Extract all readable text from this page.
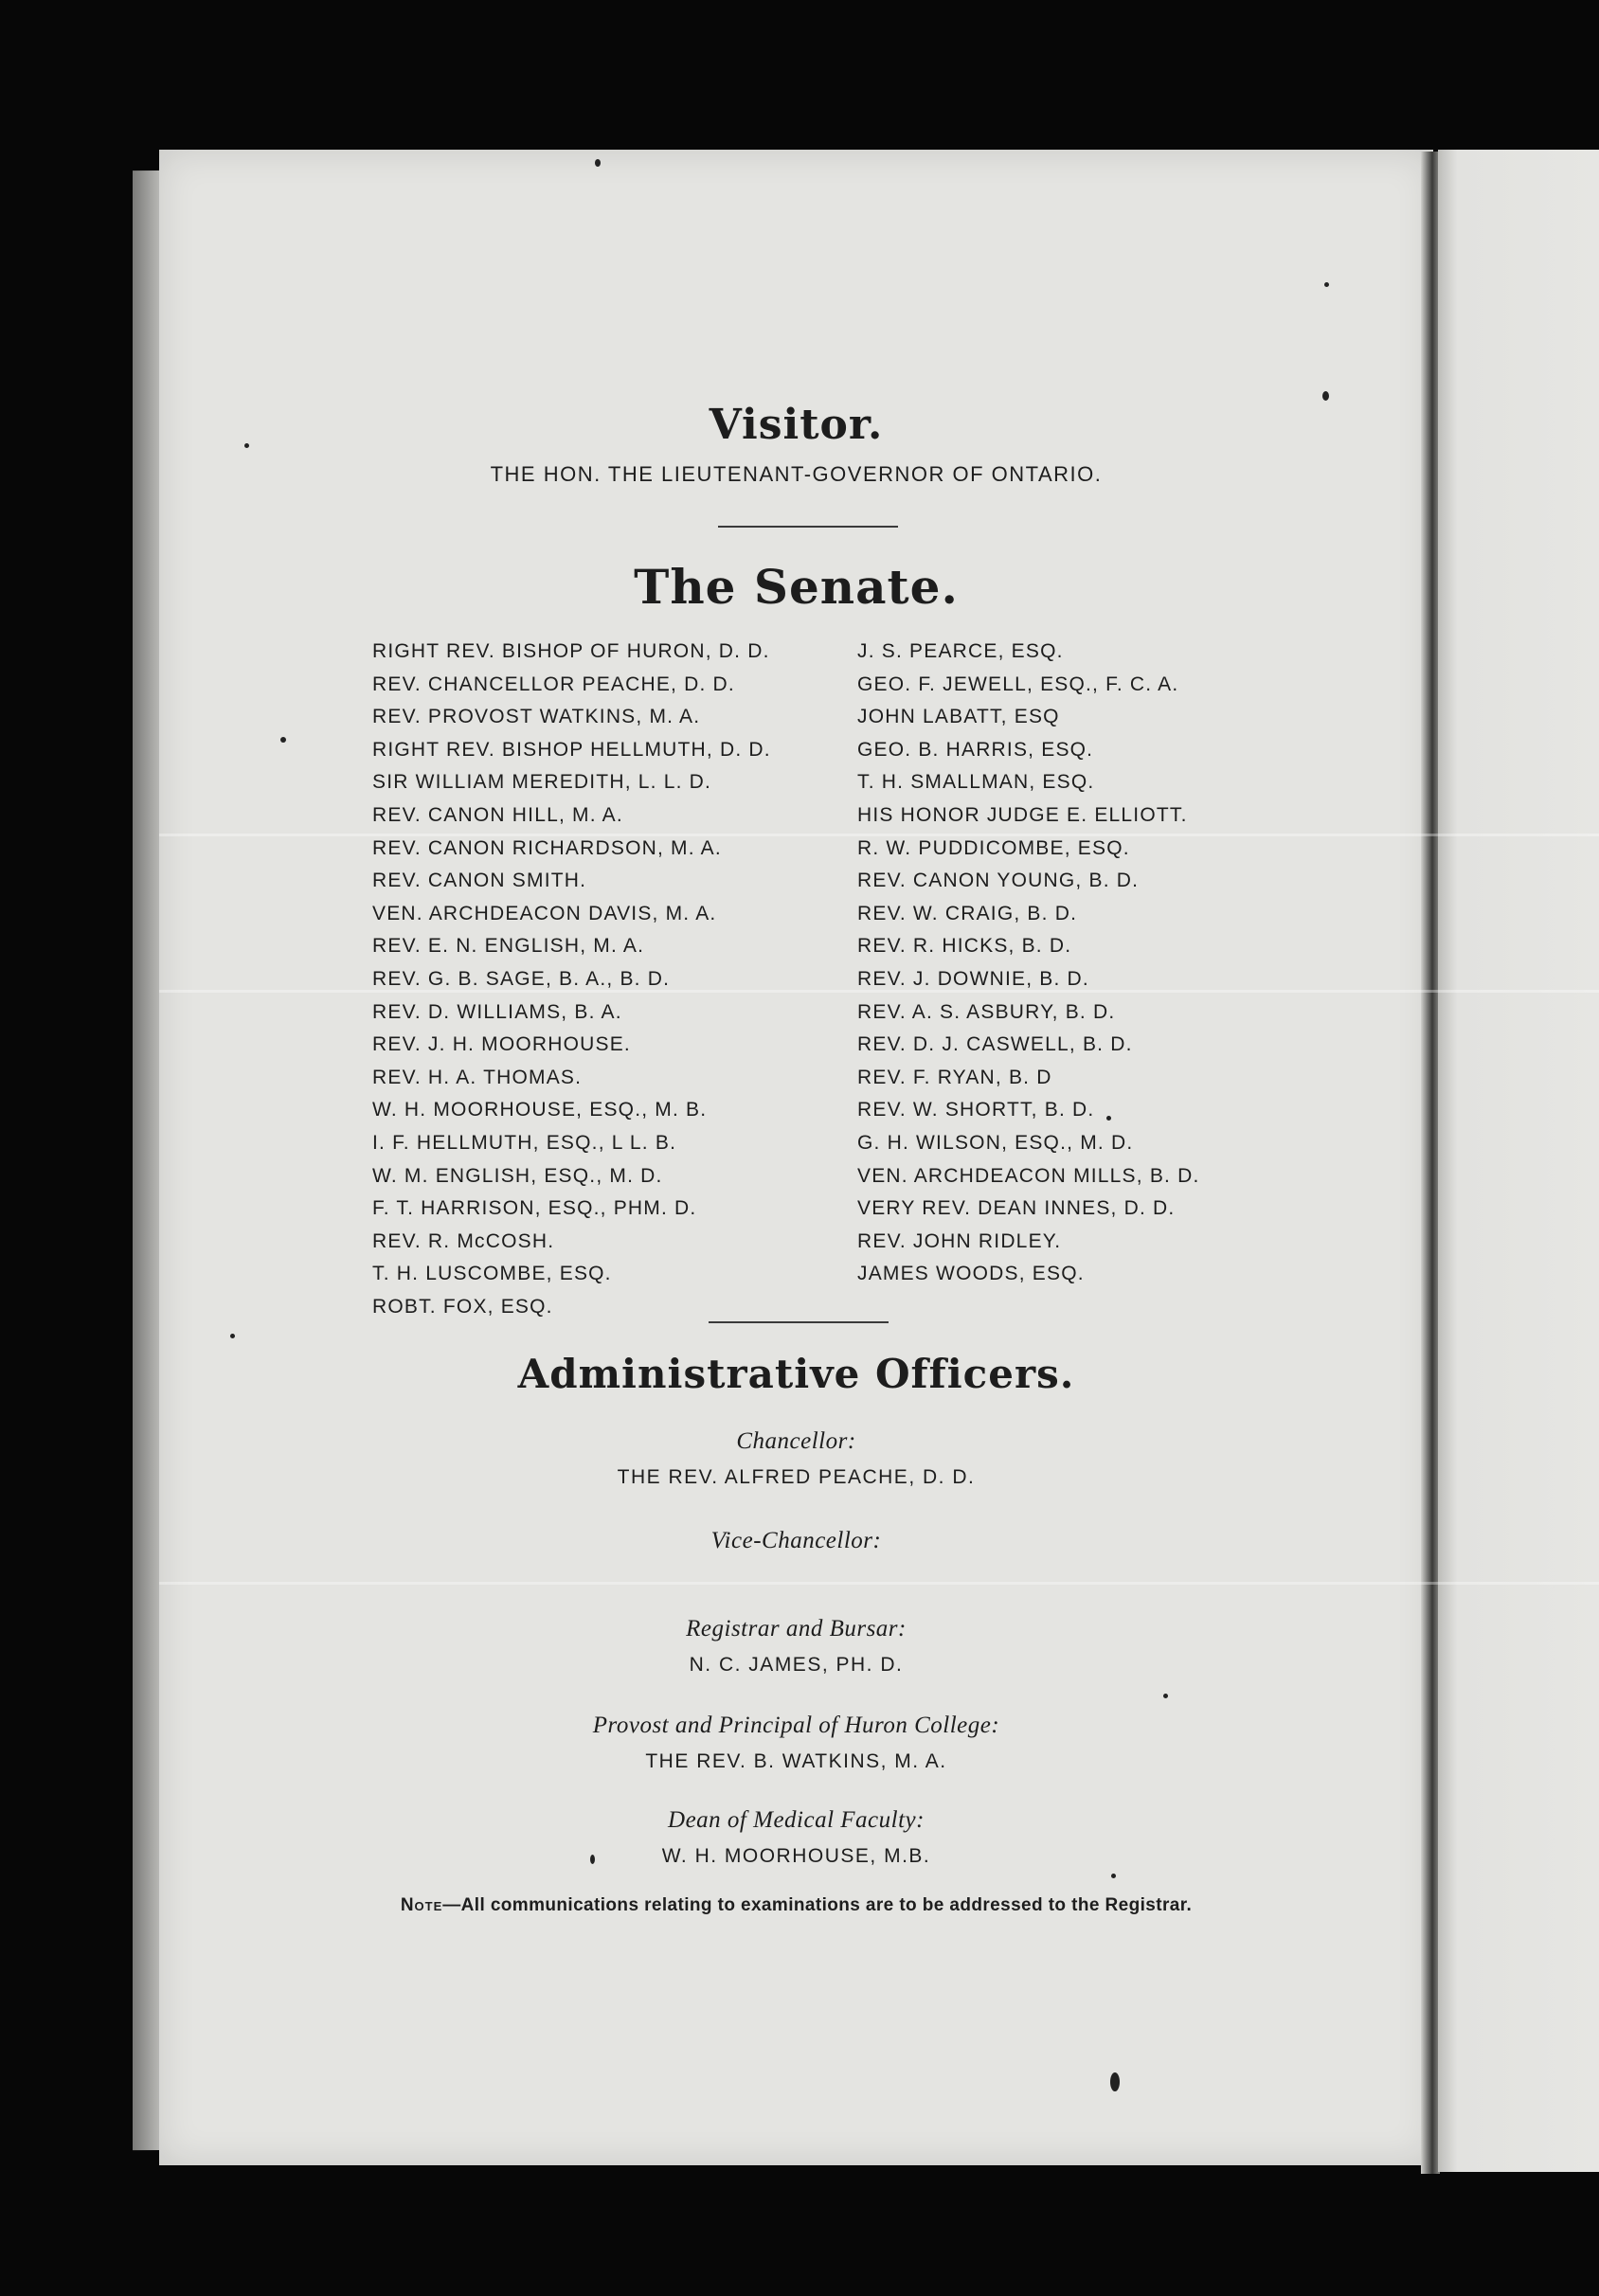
Visitor.
THE HON. THE LIEUTENANT-GOVERNOR OF ONTARIO.
The Senate.
RIGHT REV. BISHOP OF HURON, D. D.
REV. CHANCELLOR PEACHE, D. D.
REV. PROVOST WATKINS, M. A.
RIGHT REV. BISHOP HELLMUTH, D. D.
SIR WILLIAM MEREDITH, L. L. D.
REV. CANON HILL, M. A.
REV. CANON RICHARDSON, M. A.
REV. CANON SMITH.
VEN. ARCHDEACON DAVIS, M. A.
REV. E. N. ENGLISH, M. A.
REV. G. B. SAGE, B. A., B. D.
REV. D. WILLIAMS, B. A.
REV. J. H. MOORHOUSE.
REV. H. A. THOMAS.
W. H. MOORHOUSE, ESQ., M. B.
I. F. HELLMUTH, ESQ., L L. B.
W. M. ENGLISH, ESQ., M. D.
F. T. HARRISON, ESQ., PHM. D.
REV. R. McCOSH.
T. H. LUSCOMBE, ESQ.
ROBT. FOX, ESQ.
J. S. PEARCE, ESQ.
GEO. F. JEWELL, ESQ., F. C. A.
JOHN LABATT, ESQ
GEO. B. HARRIS, ESQ.
T. H. SMALLMAN, ESQ.
HIS HONOR JUDGE E. ELLIOTT.
R. W. PUDDICOMBE, ESQ.
REV. CANON YOUNG, B. D.
REV. W. CRAIG, B. D.
REV. R. HICKS, B. D.
REV. J. DOWNIE, B. D.
REV. A. S. ASBURY, B. D.
REV. D. J. CASWELL, B. D.
REV. F. RYAN, B. D
REV. W. SHORTT, B. D.
G. H. WILSON, ESQ., M. D.
VEN. ARCHDEACON MILLS, B. D.
VERY REV. DEAN INNES, D. D.
REV. JOHN RIDLEY.
JAMES WOODS, ESQ.
Administrative Officers.
Chancellor:
THE REV. ALFRED PEACHE, D. D.
Vice-Chancellor:
Registrar and Bursar:
N. C. JAMES, PH. D.
Provost and Principal of Huron College:
THE REV. B. WATKINS, M. A.
Dean of Medical Faculty:
W. H. MOORHOUSE, M.B.
Note—All communications relating to examinations are to be addressed to the Registrar.
